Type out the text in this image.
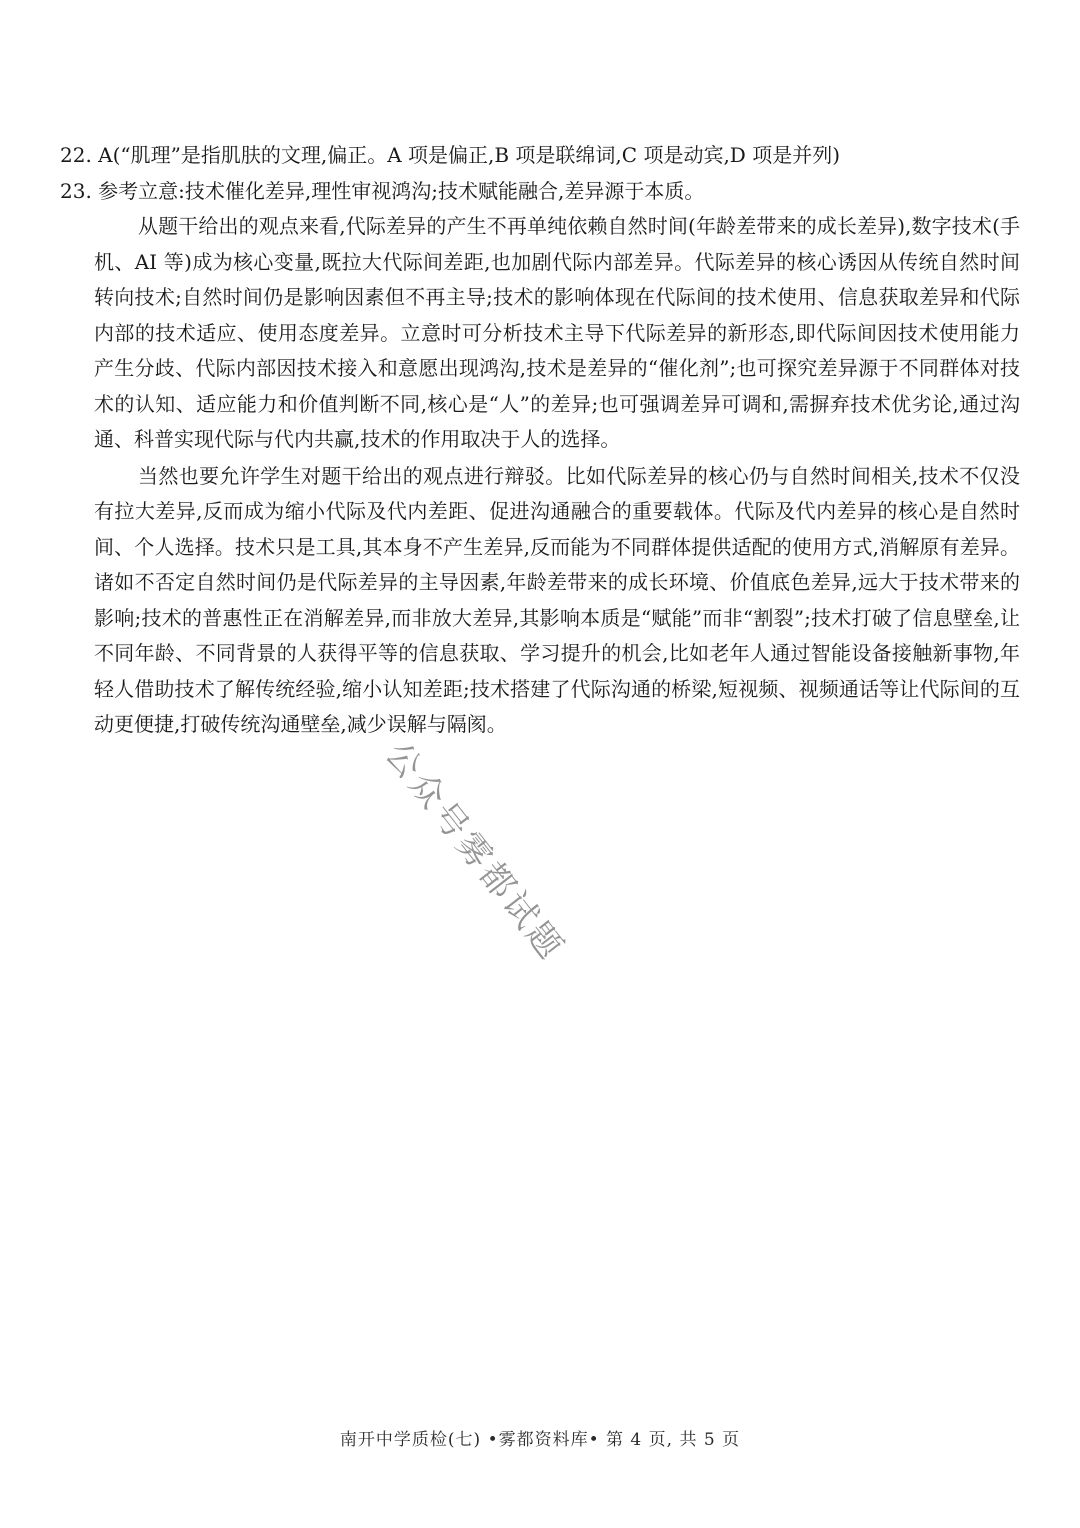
22. A(“肌理”是指肌肤的文理,偏正。A 项是偏正,B 项是联绵词,C 项是动宾,D 项是并列)

23. 参考立意:技术催化差异,理性审视鸿沟;技术赋能融合,差异源于本质。

从题干给出的观点来看,代际差异的产生不再单纯依赖自然时间(年龄差带来的成长差异),数字技术(手机、AI 等)成为核心变量,既拉大代际间差距,也加剧代际内部差异。代际差异的核心诱因从传统自然时间转向技术;自然时间仍是影响因素但不再主导;技术的影响体现在代际间的技术使用、信息获取差异和代际内部的技术适应、使用态度差异。立意时可分析技术主导下代际差异的新形态,即代际间因技术使用能力产生分歧、代际内部因技术接入和意愿出现鸿沟,技术是差异的“催化剂”;也可探究差异源于不同群体对技术的认知、适应能力和价值判断不同,核心是“人”的差异;也可强调差异可调和,需摒弃技术优劣论,通过沟通、科普实现代际与代内共赢,技术的作用取决于人的选择。

当然也要允许学生对题干给出的观点进行辩驳。比如代际差异的核心仍与自然时间相关,技术不仅没有拉大差异,反而成为缩小代际及代内差距、促进沟通融合的重要载体。代际及代内差异的核心是自然时间、个人选择。技术只是工具,其本身不产生差异,反而能为不同群体提供适配的使用方式,消解原有差异。诸如不否定自然时间仍是代际差异的主导因素,年龄差带来的成长环境、价值底色差异,远大于技术带来的影响;技术的普惠性正在消解差异,而非放大差异,其影响本质是“赋能”而非“割裂”;技术打破了信息壁垒,让不同年龄、不同背景的人获得平等的信息获取、学习提升的机会,比如老年人通过智能设备接触新事物,年轻人借助技术了解传统经验,缩小认知差距;技术搭建了代际沟通的桥梁,短视频、视频通话等让代际间的互动更便捷,打破传统沟通壁垒,减少误解与隔阂。

公众号雾都试题
南开中学质检(七) •雾都资料库• 第 4 页, 共 5 页
